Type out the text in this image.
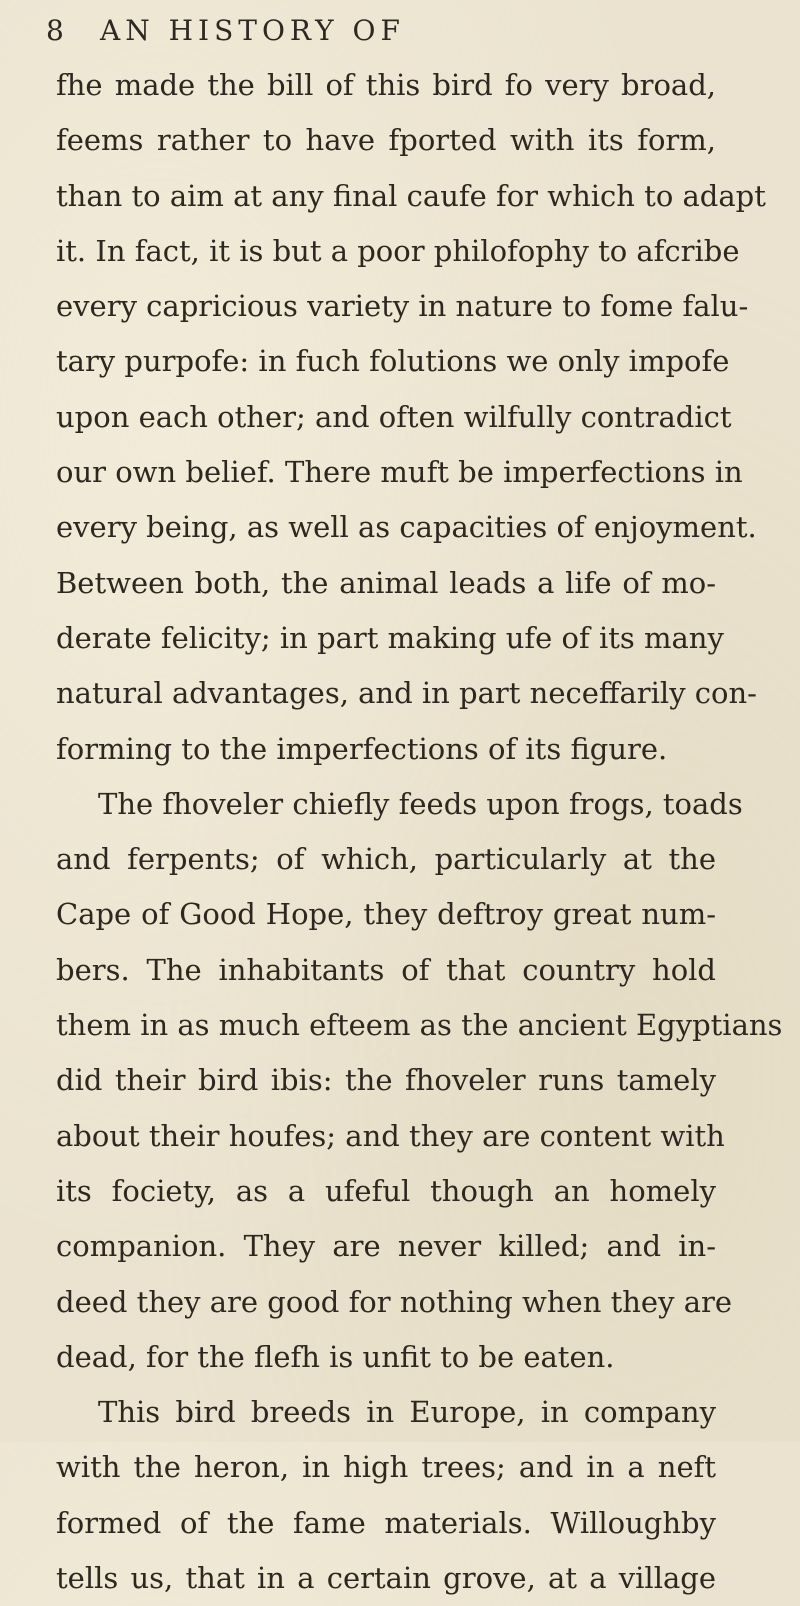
8 AN HISTORY OF
fhe made the bill of this bird fo very broad,
feems rather to have fported with its form,
than to aim at any final caufe for which to adapt
it. In fact, it is but a poor philofophy to afcribe
every capricious variety in nature to fome falu-
tary purpofe: in fuch folutions we only impofe
upon each other; and often wilfully contradict
our own belief. There muft be imperfections in
every being, as well as capacities of enjoyment.
Between both, the animal leads a life of mo-
derate felicity; in part making ufe of its many
natural advantages, and in part neceffarily con-
forming to the imperfections of its figure.
The fhoveler chiefly feeds upon frogs, toads
and ferpents; of which, particularly at the
Cape of Good Hope, they deftroy great num-
bers. The inhabitants of that country hold
them in as much efteem as the ancient Egyptians
did their bird ibis: the fhoveler runs tamely
about their houfes; and they are content with
its fociety, as a ufeful though an homely
companion. They are never killed; and in-
deed they are good for nothing when they are
dead, for the flefh is unfit to be eaten.
This bird breeds in Europe, in company
with the heron, in high trees; and in a neft
formed of the fame materials. Willoughby
tells us, that in a certain grove, at a village
